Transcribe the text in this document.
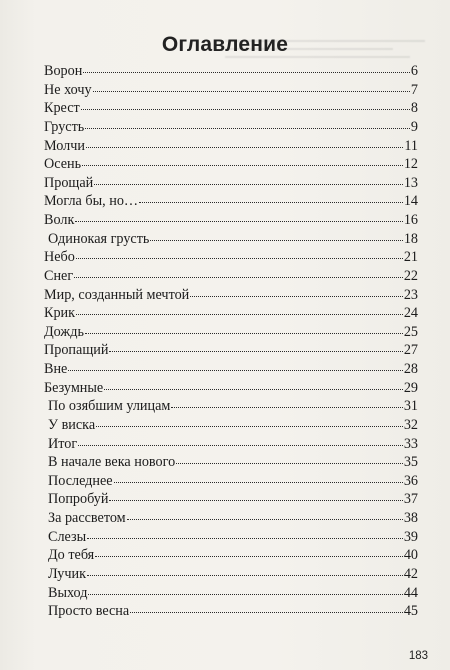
Оглавление
Ворон	6
Не хочу	7
Крест	8
Грусть	9
Молчи	11
Осень	12
Прощай	13
Могла бы, но…	14
Волк	16
Одинокая грусть	18
Небо	21
Снег	22
Мир, созданный мечтой	23
Крик	24
Дождь	25
Пропащий	27
Вне	28
Безумные	29
По озябшим улицам	31
У виска	32
Итог	33
В начале века нового	35
Последнее	36
Попробуй	37
За рассветом	38
Слезы	39
До тебя	40
Лучик	42
Выход	44
Просто весна	45
183
